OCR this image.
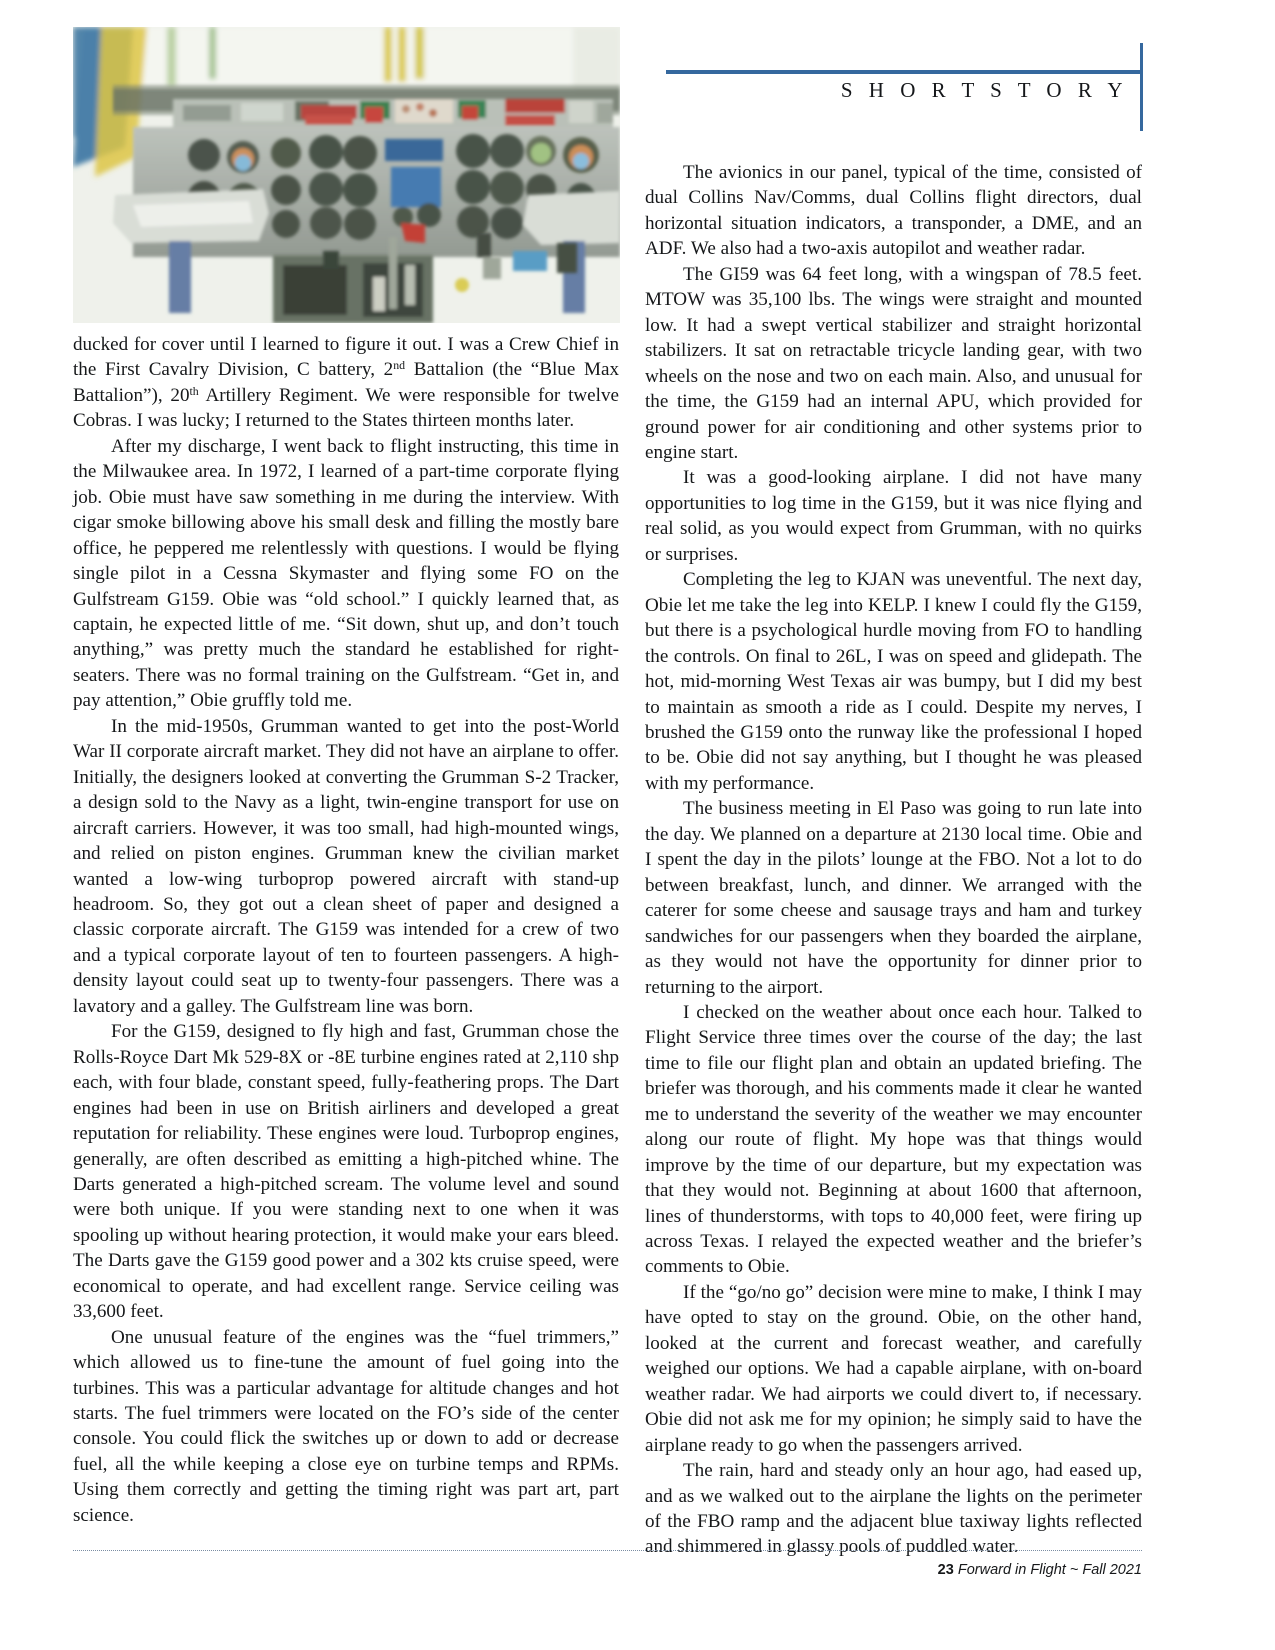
S H O R T S T O R Y

ducked for cover until I learned to figure it out. I was a Crew Chief in the First Cavalry Division, C battery, 2nd Battalion (the “Blue Max Battalion”), 20th Artillery Regiment. We were responsible for twelve Cobras. I was lucky; I returned to the States thirteen months later.

After my discharge, I went back to flight instructing, this time in the Milwaukee area. In 1972, I learned of a part-time corporate flying job. Obie must have saw something in me during the interview. With cigar smoke billowing above his small desk and filling the mostly bare office, he peppered me relentlessly with questions. I would be flying single pilot in a Cessna Skymaster and flying some FO on the Gulfstream G159. Obie was “old school.” I quickly learned that, as captain, he expected little of me. “Sit down, shut up, and don’t touch anything,” was pretty much the standard he established for right-seaters. There was no formal training on the Gulfstream. “Get in, and pay attention,” Obie gruffly told me.

In the mid-1950s, Grumman wanted to get into the post-World War II corporate aircraft market. They did not have an airplane to offer. Initially, the designers looked at converting the Grumman S-2 Tracker, a design sold to the Navy as a light, twin-engine transport for use on aircraft carriers. However, it was too small, had high-mounted wings, and relied on piston engines. Grumman knew the civilian market wanted a low-wing turboprop powered aircraft with stand-up headroom. So, they got out a clean sheet of paper and designed a classic corporate aircraft. The G159 was intended for a crew of two and a typical corporate layout of ten to fourteen passengers. A high-density layout could seat up to twenty-four passengers. There was a lavatory and a galley. The Gulfstream line was born.

For the G159, designed to fly high and fast, Grumman chose the Rolls-Royce Dart Mk 529-8X or -8E turbine engines rated at 2,110 shp each, with four blade, constant speed, fully-feathering props. The Dart engines had been in use on British airliners and developed a great reputation for reliability. These engines were loud. Turboprop engines, generally, are often described as emitting a high-pitched whine. The Darts generated a high-pitched scream. The volume level and sound were both unique. If you were standing next to one when it was spooling up without hearing protection, it would make your ears bleed. The Darts gave the G159 good power and a 302 kts cruise speed, were economical to operate, and had excellent range. Service ceiling was 33,600 feet.

One unusual feature of the engines was the “fuel trimmers,” which allowed us to fine-tune the amount of fuel going into the turbines. This was a particular advantage for altitude changes and hot starts. The fuel trimmers were located on the FO’s side of the center console. You could flick the switches up or down to add or decrease fuel, all the while keeping a close eye on turbine temps and RPMs. Using them correctly and getting the timing right was part art, part science.

The avionics in our panel, typical of the time, consisted of dual Collins Nav/Comms, dual Collins flight directors, dual horizontal situation indicators, a transponder, a DME, and an ADF. We also had a two-axis autopilot and weather radar.

The GI59 was 64 feet long, with a wingspan of 78.5 feet. MTOW was 35,100 lbs. The wings were straight and mounted low. It had a swept vertical stabilizer and straight horizontal stabilizers. It sat on retractable tricycle landing gear, with two wheels on the nose and two on each main. Also, and unusual for the time, the G159 had an internal APU, which provided for ground power for air conditioning and other systems prior to engine start.

It was a good-looking airplane. I did not have many opportunities to log time in the G159, but it was nice flying and real solid, as you would expect from Grumman, with no quirks or surprises.

Completing the leg to KJAN was uneventful. The next day, Obie let me take the leg into KELP. I knew I could fly the G159, but there is a psychological hurdle moving from FO to handling the controls. On final to 26L, I was on speed and glidepath. The hot, mid-morning West Texas air was bumpy, but I did my best to maintain as smooth a ride as I could. Despite my nerves, I brushed the G159 onto the runway like the professional I hoped to be. Obie did not say anything, but I thought he was pleased with my performance.

The business meeting in El Paso was going to run late into the day. We planned on a departure at 2130 local time. Obie and I spent the day in the pilots’ lounge at the FBO. Not a lot to do between breakfast, lunch, and dinner. We arranged with the caterer for some cheese and sausage trays and ham and turkey sandwiches for our passengers when they boarded the airplane, as they would not have the opportunity for dinner prior to returning to the airport.

I checked on the weather about once each hour. Talked to Flight Service three times over the course of the day; the last time to file our flight plan and obtain an updated briefing. The briefer was thorough, and his comments made it clear he wanted me to understand the severity of the weather we may encounter along our route of flight. My hope was that things would improve by the time of our departure, but my expectation was that they would not. Beginning at about 1600 that afternoon, lines of thunderstorms, with tops to 40,000 feet, were firing up across Texas. I relayed the expected weather and the briefer’s comments to Obie.

If the “go/no go” decision were mine to make, I think I may have opted to stay on the ground. Obie, on the other hand, looked at the current and forecast weather, and carefully weighed our options. We had a capable airplane, with on-board weather radar. We had airports we could divert to, if necessary. Obie did not ask me for my opinion; he simply said to have the airplane ready to go when the passengers arrived.

The rain, hard and steady only an hour ago, had eased up, and as we walked out to the airplane the lights on the perimeter of the FBO ramp and the adjacent blue taxiway lights reflected and shimmered in glassy pools of puddled water.

23 Forward in Flight ~ Fall 2021
